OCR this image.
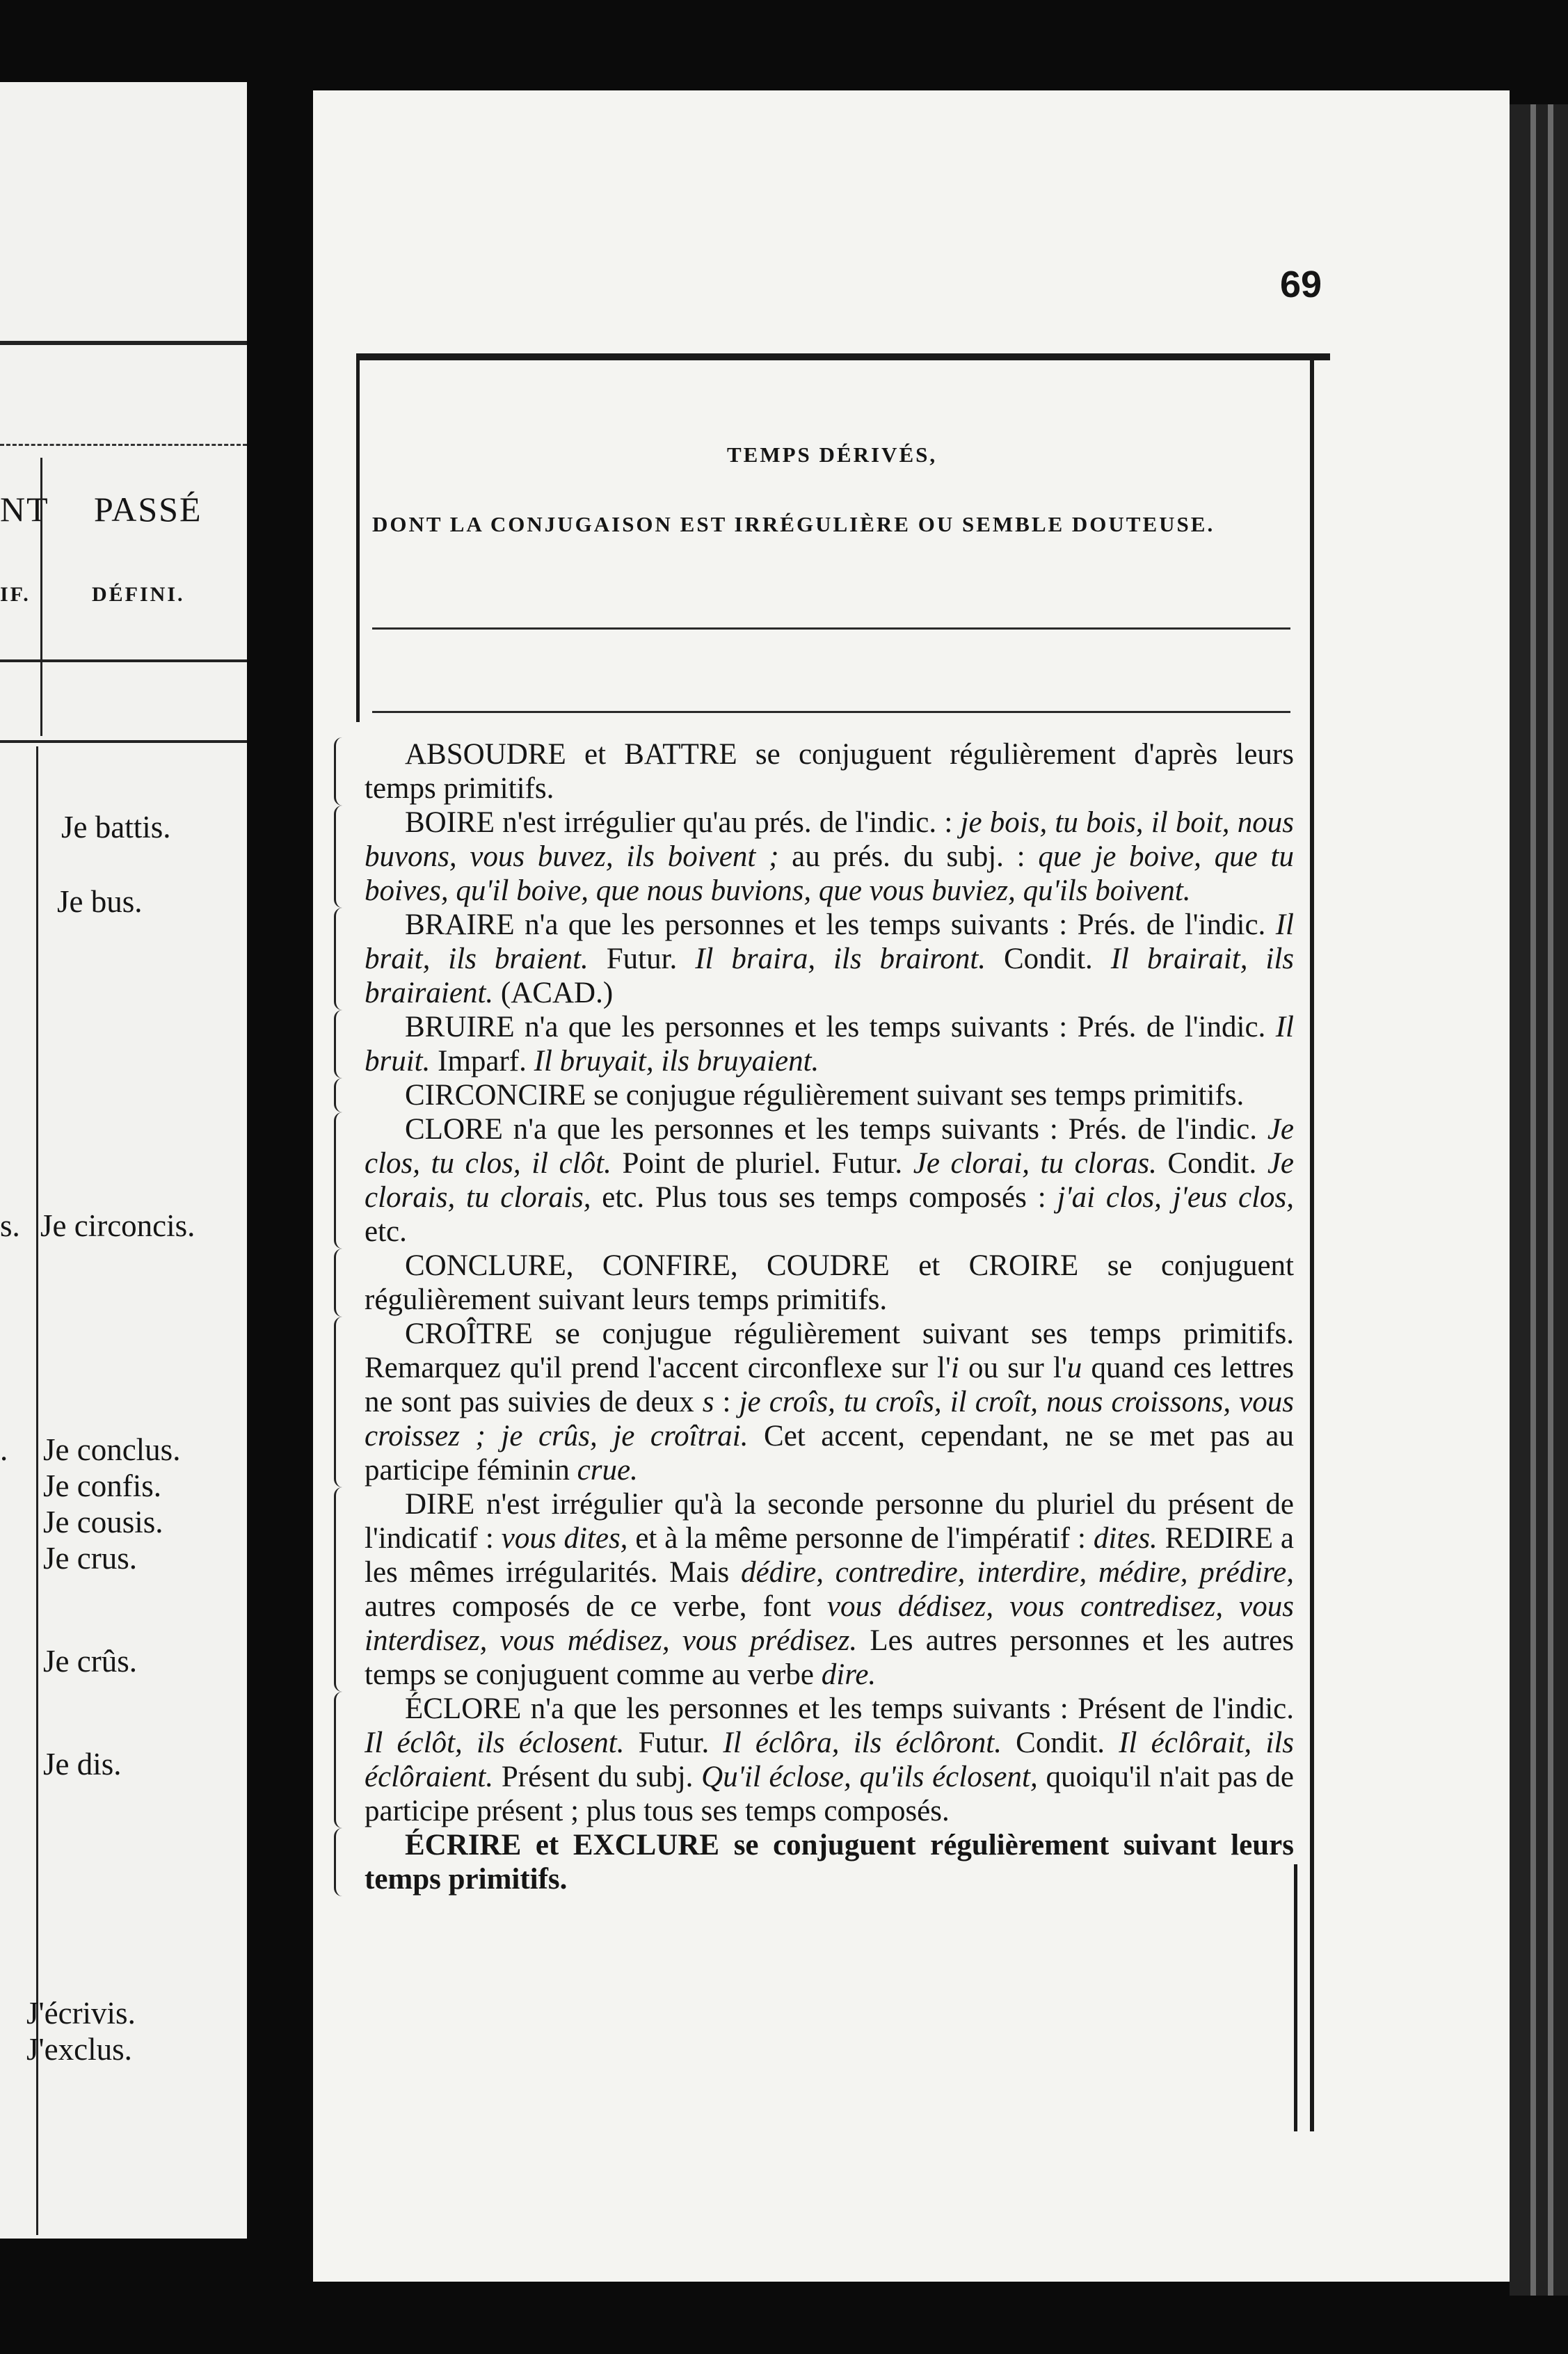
NT PASSÉ
IF.	DÉFINI.
Je battis.
Je bus.
s. Je circoncis.
. Je conclus.
Je confis.
Je cousis.
Je crus.
Je crûs.
Je dis.
J'écrivis.
J'exclus.
69
TEMPS DÉRIVÉS,
DONT LA CONJUGAISON EST IRRÉGULIÈRE OU SEMBLE DOUTEUSE.

ABSOUDRE et BATTRE se conjuguent régulièrement d'après leurs temps primitifs.

BOIRE n'est irrégulier qu'au prés. de l'indic. : je bois, tu bois, il boit, nous buvons, vous buvez, ils boivent ; au prés. du subj. : que je boive, que tu boives, qu'il boive, que nous buvions, que vous buviez, qu'ils boivent.

BRAIRE n'a que les personnes et les temps suivants : Prés. de l'indic. Il brait, ils braient. Futur. Il braira, ils brairont. Condit. Il brairait, ils brairaient. (ACAD.)

BRUIRE n'a que les personnes et les temps suivants : Prés. de l'indic. Il bruit. Imparf. Il bruyait, ils bruyaient.

CIRCONCIRE se conjugue régulièrement suivant ses temps primitifs.

CLORE n'a que les personnes et les temps suivants : Prés. de l'indic. Je clos, tu clos, il clôt. Point de pluriel. Futur. Je clorai, tu cloras. Condit. Je clorais, tu clorais, etc. Plus tous ses temps composés : j'ai clos, j'eus clos, etc.

CONCLURE, CONFIRE, COUDRE et CROIRE se conjuguent régulièrement suivant leurs temps primitifs.

CROÎTRE se conjugue régulièrement suivant ses temps primitifs. Remarquez qu'il prend l'accent circonflexe sur l'i ou sur l'u quand ces lettres ne sont pas suivies de deux s : je croîs, tu croîs, il croît, nous croissons, vous croissez ; je crûs, je croîtrai. Cet accent, cependant, ne se met pas au participe féminin crue.

DIRE n'est irrégulier qu'à la seconde personne du pluriel du présent de l'indicatif : vous dites, et à la même personne de l'impératif : dites. REDIRE a les mêmes irrégularités. Mais dédire, contredire, interdire, médire, prédire, autres composés de ce verbe, font vous dédisez, vous contredisez, vous interdisez, vous médisez, vous prédisez. Les autres personnes et les autres temps se conjuguent comme au verbe dire.

ÉCLORE n'a que les personnes et les temps suivants : Présent de l'indic. Il éclôt, ils éclosent. Futur. Il éclôra, ils éclôront. Condit. Il éclôrait, ils éclôraient. Présent du subj. Qu'il éclose, qu'ils éclosent, quoiqu'il n'ait pas de participe présent ; plus tous ses temps composés.

ÉCRIRE et EXCLURE se conjuguent régulièrement suivant leurs temps primitifs.
